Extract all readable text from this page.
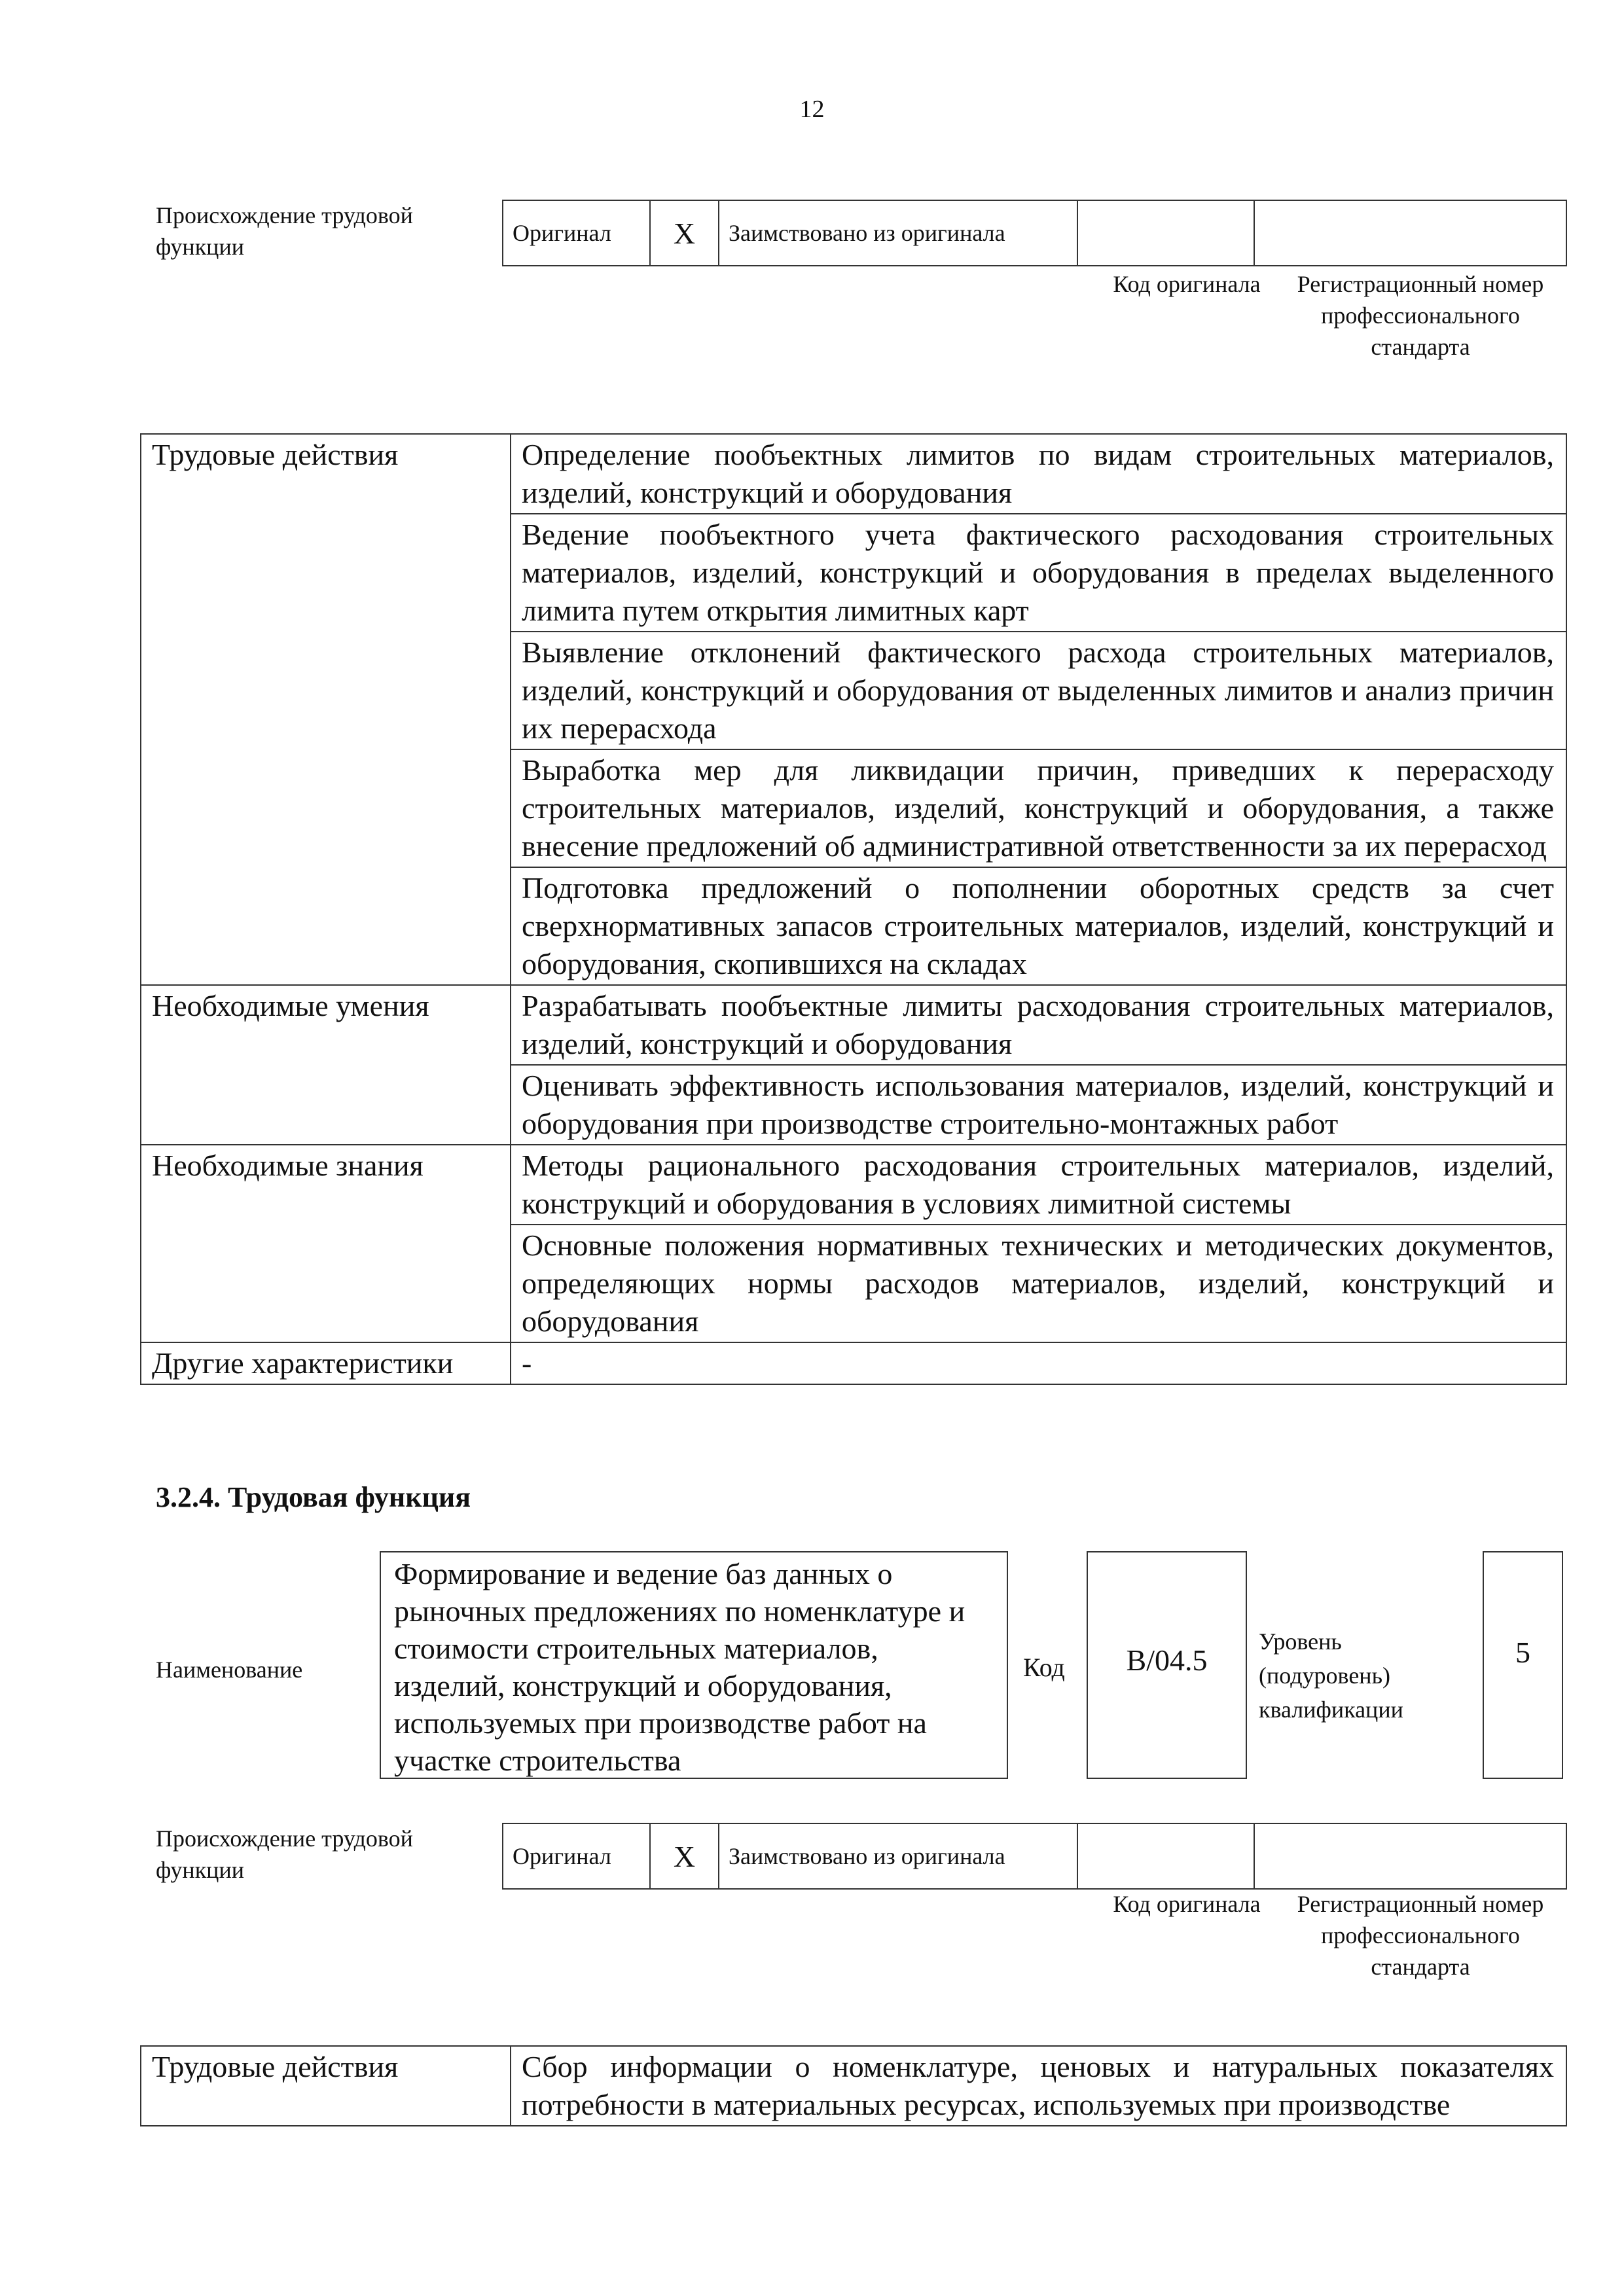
12
Происхождение трудовой функции
Оригинал	X	Заимствовано из оригинала		
Код оригинала	Регистрационный номер профессионального стандарта
Трудовые действия	Определение пообъектных лимитов по видам строительных материалов, изделий, конструкций и оборудования
	Ведение пообъектного учета фактического расходования строительных материалов, изделий, конструкций и оборудования в пределах выделенного лимита путем открытия лимитных карт
	Выявление отклонений фактического расхода строительных материалов, изделий, конструкций и оборудования от выделенных лимитов и анализ причин их перерасхода
	Выработка мер для ликвидации причин, приведших к перерасходу строительных материалов, изделий, конструкций и оборудования, а также внесение предложений об административной ответственности за их перерасход
	Подготовка предложений о пополнении оборотных средств за счет сверхнормативных запасов строительных материалов, изделий, конструкций и оборудования, скопившихся на складах
Необходимые умения	Разрабатывать пообъектные лимиты расходования строительных материалов, изделий, конструкций и оборудования
	Оценивать эффективность использования материалов, изделий, конструкций и оборудования при производстве строительно-монтажных работ
Необходимые знания	Методы рационального расходования строительных материалов, изделий, конструкций и оборудования в условиях лимитной системы
	Основные положения нормативных технических и методических документов, определяющих нормы расходов материалов, изделий, конструкций и оборудования
Другие характеристики	-
3.2.4. Трудовая функция
Наименование
Формирование и ведение баз данных о рыночных предложениях по номенклатуре и стоимости строительных материалов, изделий, конструкций и оборудования, используемых при производстве работ на участке строительства
Код	B/04.5
Уровень (подуровень) квалификации
5
Происхождение трудовой функции
Оригинал	X	Заимствовано из оригинала		
Код оригинала	Регистрационный номер профессионального стандарта
Трудовые действия	Сбор информации о номенклатуре, ценовых и натуральных показателях потребности в материальных ресурсах, используемых при производстве
